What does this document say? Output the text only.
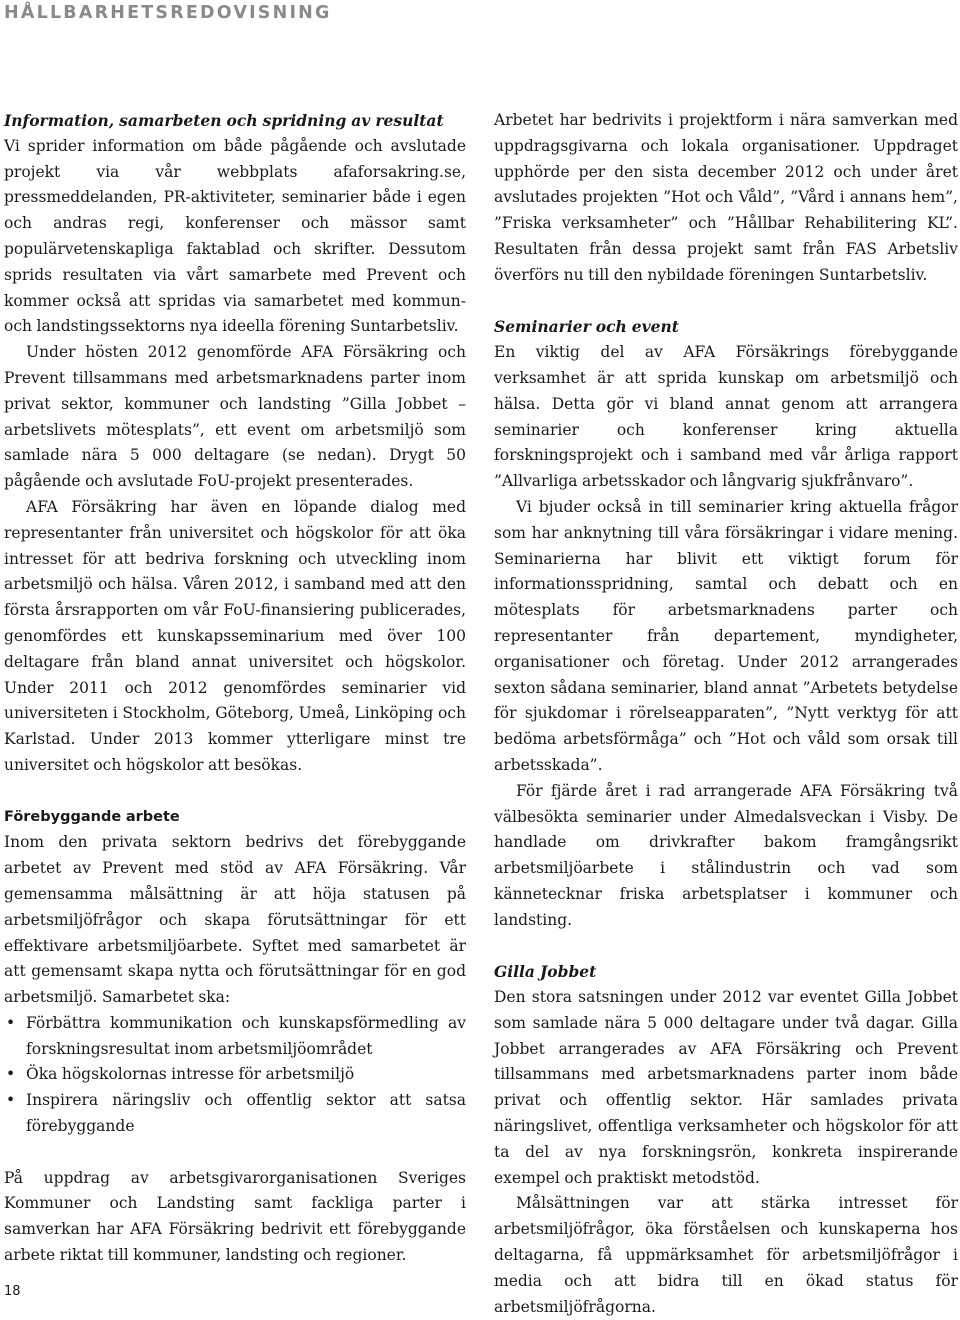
HÅLLBARHETSREDOVISNING

Information, samarbeten och spridning av resultat

Vi sprider information om både pågående och avslutade projekt via vår webbplats afaforsakring.se, pressmeddelanden, PR-aktiviteter, seminarier både i egen och andras regi, konferenser och mässor samt populärvetenskapliga faktablad och skrifter. Dessutom sprids resultaten via vårt samarbete med Prevent och kommer också att spridas via samarbetet med kommun- och landstingssektorns nya ideella förening Suntarbetsliv.

Under hösten 2012 genomförde AFA Försäkring och Prevent tillsammans med arbetsmarknadens parter inom privat sektor, kommuner och landsting ”Gilla Jobbet – arbetslivets mötesplats”, ett event om arbetsmiljö som samlade nära 5 000 deltagare (se nedan). Drygt 50 pågående och avslutade FoU-projekt presenterades.

AFA Försäkring har även en löpande dialog med representanter från universitet och högskolor för att öka intresset för att bedriva forskning och utveckling inom arbetsmiljö och hälsa. Våren 2012, i samband med att den första årsrapporten om vår FoU-finansiering publicerades, genomfördes ett kunskapsseminarium med över 100 deltagare från bland annat universitet och högskolor. Under 2011 och 2012 genomfördes seminarier vid universiteten i Stockholm, Göteborg, Umeå, Linköping och Karlstad. Under 2013 kommer ytterligare minst tre universitet och högskolor att besökas.

Förebyggande arbete

Inom den privata sektorn bedrivs det förebyggande arbetet av Prevent med stöd av AFA Försäkring. Vår gemensamma målsättning är att höja statusen på arbetsmiljöfrågor och skapa förutsättningar för ett effektivare arbetsmiljöarbete. Syftet med samarbetet är att gemensamt skapa nytta och förutsättningar för en god arbetsmiljö. Samarbetet ska:

• Förbättra kommunikation och kunskapsförmedling av forskningsresultat inom arbetsmiljöområdet
• Öka högskolornas intresse för arbetsmiljö
• Inspirera näringsliv och offentlig sektor att satsa förebyggande

På uppdrag av arbetsgivarorganisationen Sveriges Kommuner och Landsting samt fackliga parter i samverkan har AFA Försäkring bedrivit ett förebyggande arbete riktat till kommuner, landsting och regioner.

Arbetet har bedrivits i projektform i nära samverkan med uppdragsgivarna och lokala organisationer. Uppdraget upphörde per den sista december 2012 och under året avslutades projekten ”Hot och Våld”, ”Vård i annans hem”, ”Friska verksamheter” och ”Hållbar Rehabilitering KL”. Resultaten från dessa projekt samt från FAS Arbetsliv överförs nu till den nybildade föreningen Suntarbetsliv.

Seminarier och event

En viktig del av AFA Försäkrings förebyggande verksamhet är att sprida kunskap om arbetsmiljö och hälsa. Detta gör vi bland annat genom att arrangera seminarier och konferenser kring aktuella forskningsprojekt och i samband med vår årliga rapport ”Allvarliga arbetsskador och långvarig sjukfrånvaro”.

Vi bjuder också in till seminarier kring aktuella frågor som har anknytning till våra försäkringar i vidare mening. Seminarierna har blivit ett viktigt forum för informationsspridning, samtal och debatt och en mötesplats för arbetsmarknadens parter och representanter från departement, myndigheter, organisationer och företag. Under 2012 arrangerades sexton sådana seminarier, bland annat ”Arbetets betydelse för sjukdomar i rörelseapparaten”, ”Nytt verktyg för att bedöma arbetsförmåga” och ”Hot och våld som orsak till arbetsskada”.

För fjärde året i rad arrangerade AFA Försäkring två välbesökta seminarier under Almedalsveckan i Visby. De handlade om drivkrafter bakom framgångsrikt arbetsmiljöarbete i stålindustrin och vad som kännetecknar friska arbetsplatser i kommuner och landsting.

Gilla Jobbet

Den stora satsningen under 2012 var eventet Gilla Jobbet som samlade nära 5 000 deltagare under två dagar. Gilla Jobbet arrangerades av AFA Försäkring och Prevent tillsammans med arbetsmarknadens parter inom både privat och offentlig sektor. Här samlades privata näringslivet, offentliga verksamheter och högskolor för att ta del av nya forskningsrön, konkreta inspirerande exempel och praktiskt metodstöd.

Målsättningen var att stärka intresset för arbetsmiljöfrågor, öka förståelsen och kunskaperna hos deltagarna, få uppmärksamhet för arbetsmiljöfrågor i media och att bidra till en ökad status för arbetsmiljöfrågorna.

18
